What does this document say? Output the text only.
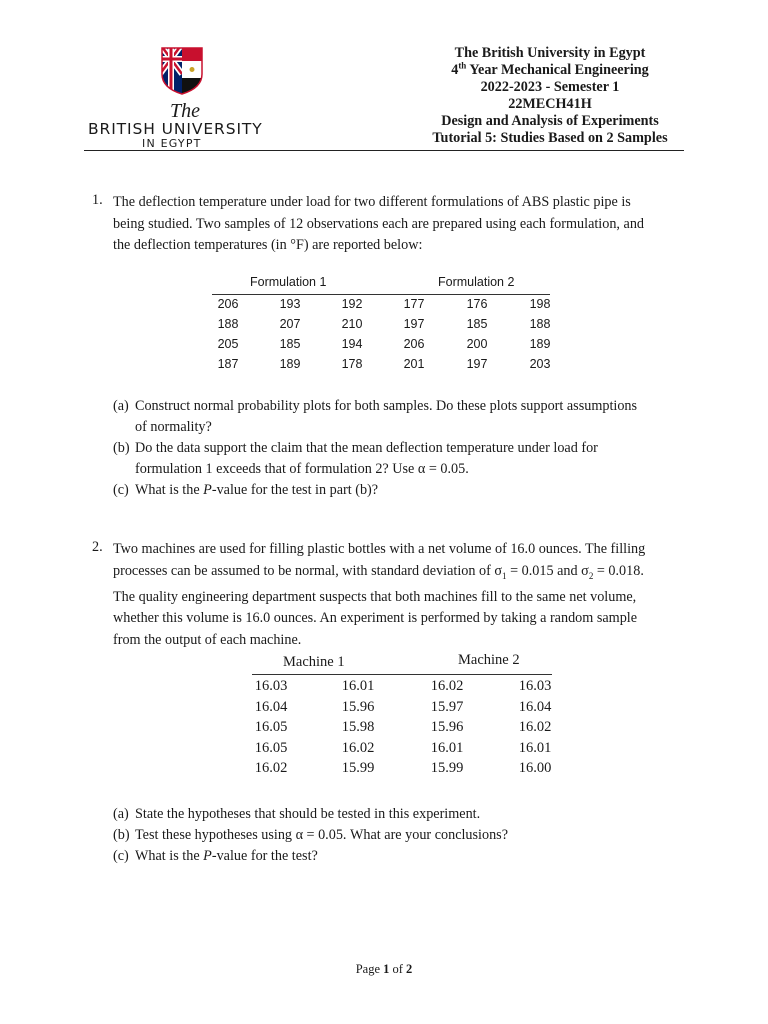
The
BRITISH UNIVERSITY
IN EGYPT
The British University in Egypt
4th Year Mechanical Engineering
2022-2023 - Semester 1
22MECH41H
Design and Analysis of Experiments
Tutorial 5: Studies Based on 2 Samples
1. The deflection temperature under load for two different formulations of ABS plastic pipe is
being studied. Two samples of 12 observations each are prepared using each formulation, and
the deflection temperatures (in °F) are reported below:
Formulation 1	Formulation 2
206	193	192	177	176	198
188	207	210	197	185	188
205	185	194	206	200	189
187	189	178	201	197	203
(a) Construct normal probability plots for both samples. Do these plots support assumptions
of normality?
(b) Do the data support the claim that the mean deflection temperature under load for
formulation 1 exceeds that of formulation 2? Use α = 0.05.
(c) What is the P-value for the test in part (b)?
2. Two machines are used for filling plastic bottles with a net volume of 16.0 ounces. The filling
processes can be assumed to be normal, with standard deviation of $\sigma_1 = 0.015$ and $\sigma_2 = 0.018$.
The quality engineering department suspects that both machines fill to the same net volume,
whether this volume is 16.0 ounces. An experiment is performed by taking a random sample
from the output of each machine.
Machine 1	Machine 2
16.03	16.01	16.02	16.03
16.04	15.96	15.97	16.04
16.05	15.98	15.96	16.02
16.05	16.02	16.01	16.01
16.02	15.99	15.99	16.00
(a) State the hypotheses that should be tested in this experiment.
(b) Test these hypotheses using α = 0.05. What are your conclusions?
(c) What is the P-value for the test?
Page 1 of 2
